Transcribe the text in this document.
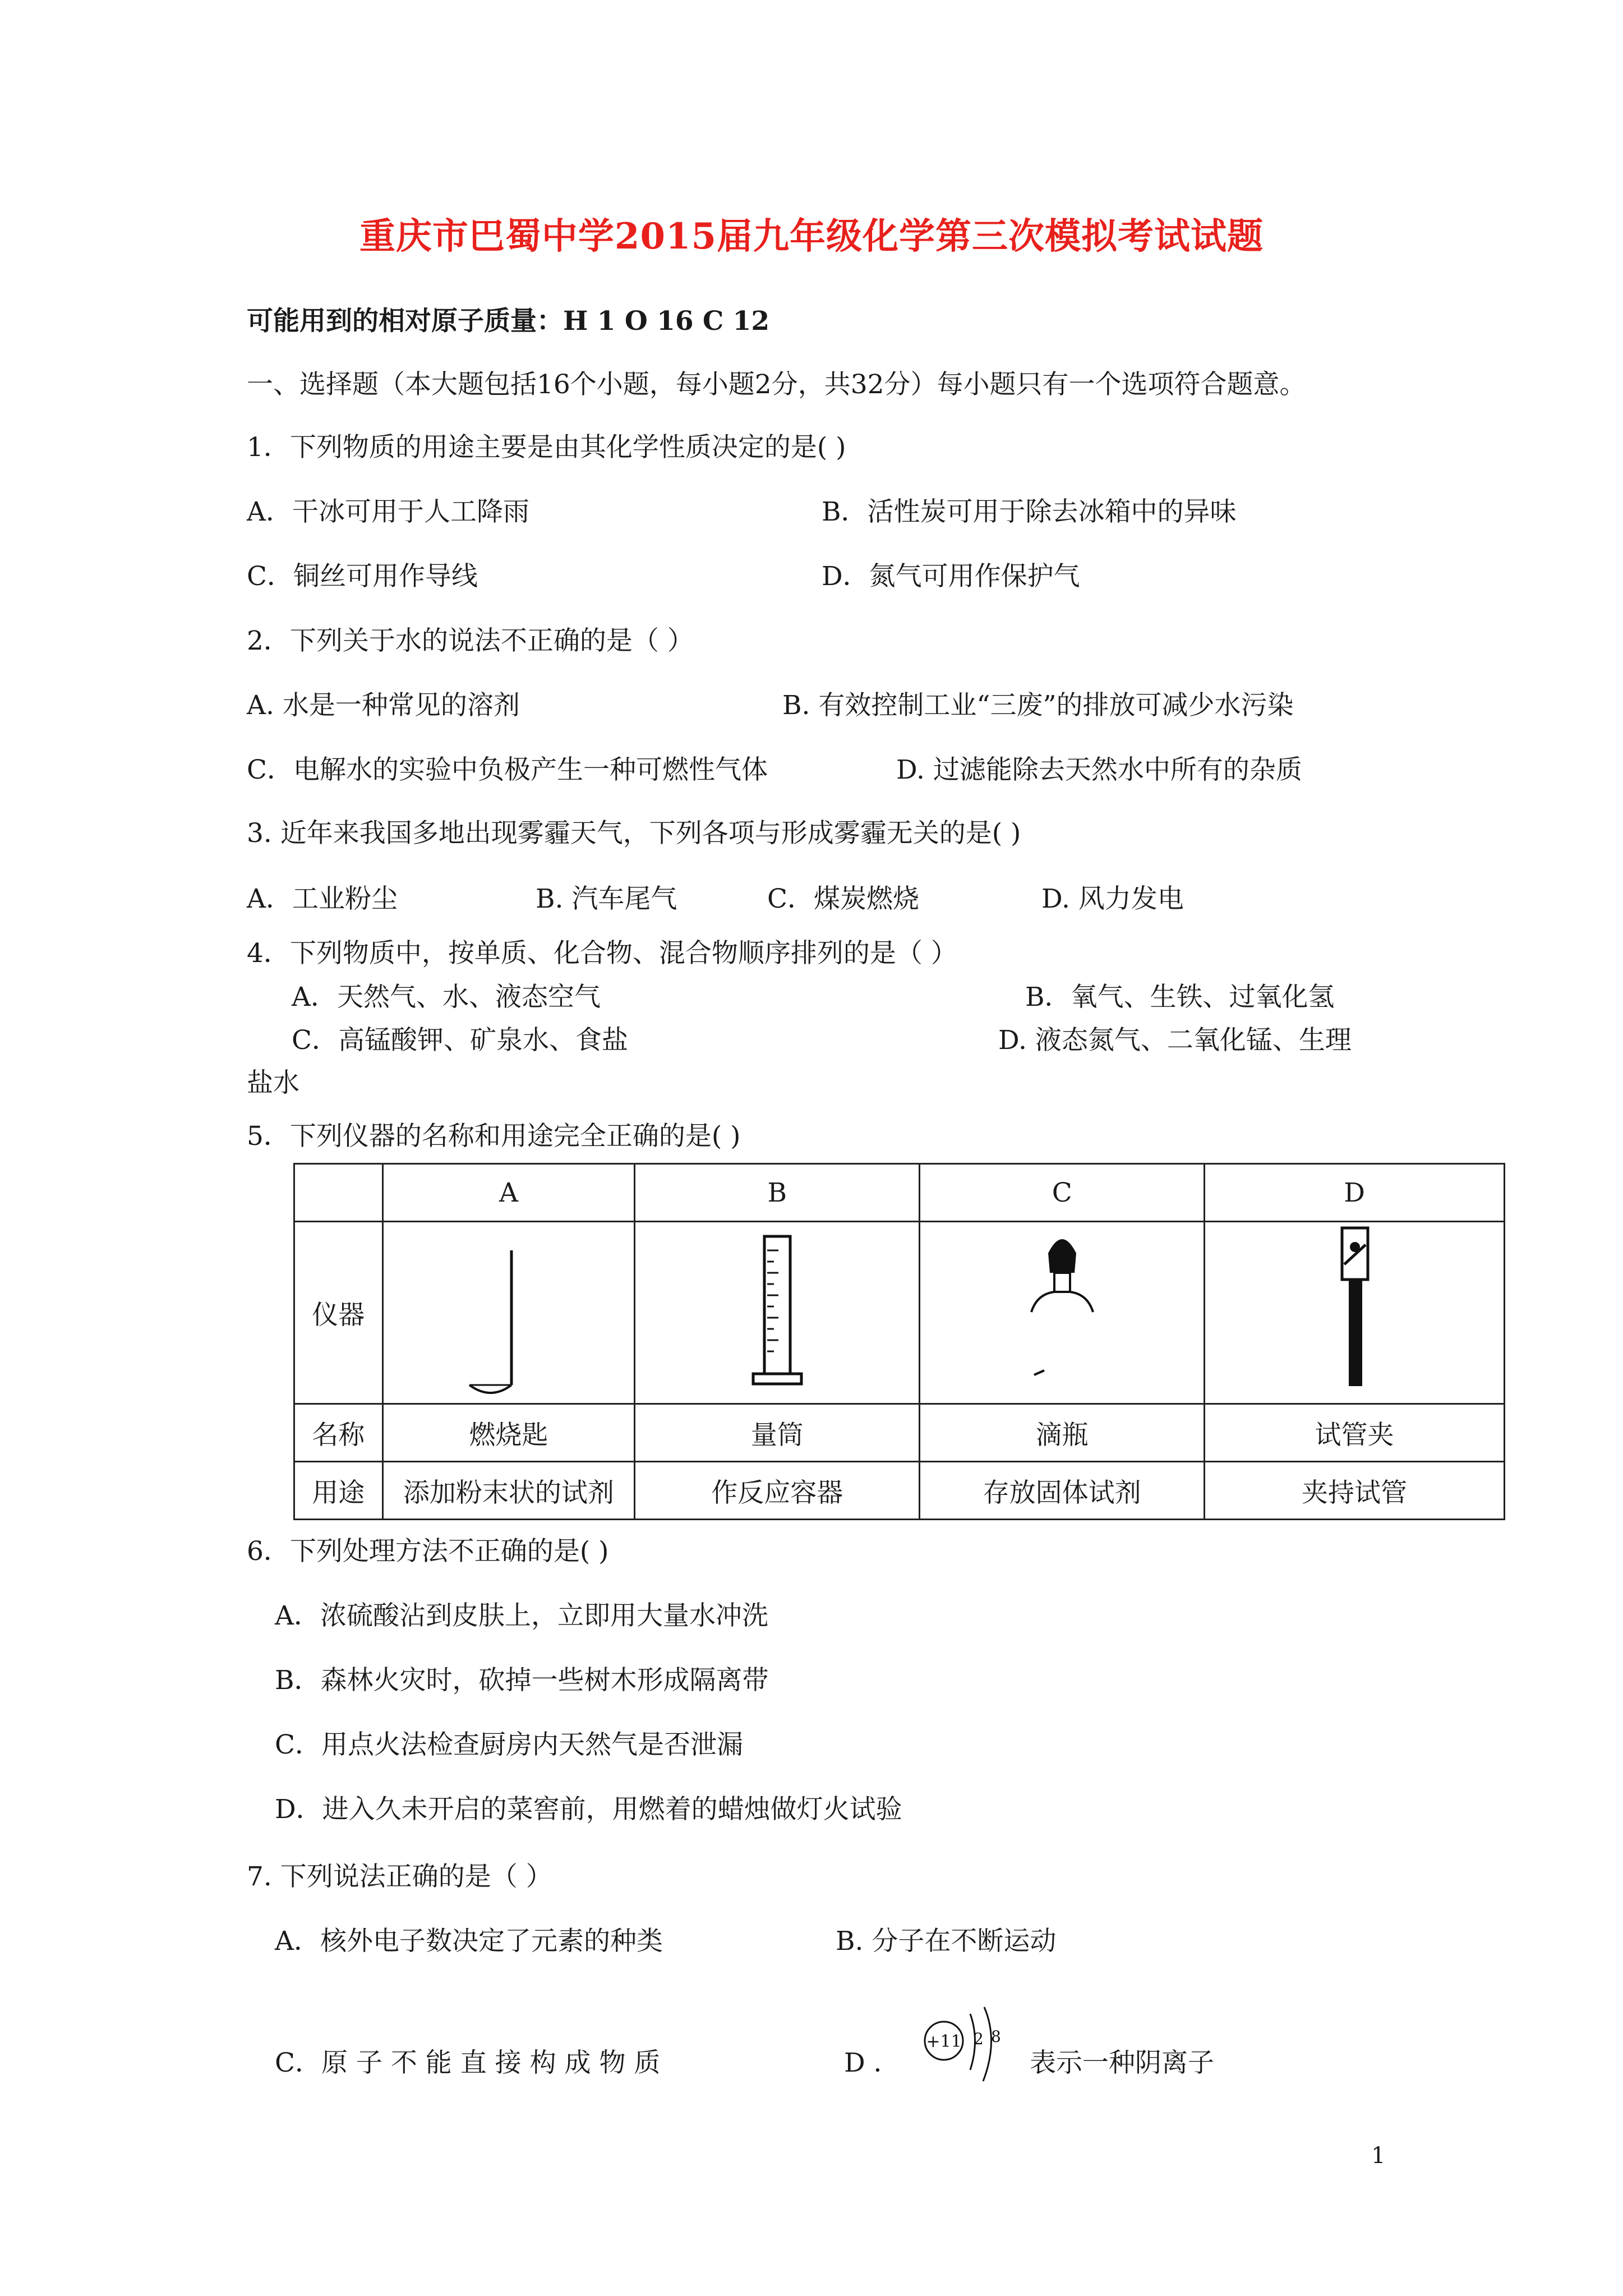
重庆市巴蜀中学2015届九年级化学第三次模拟考试试题
可能用到的相对原子质量：H 1 O 16 C 12
一、选择题（本大题包括16个小题，每小题2分，共32分）每小题只有一个选项符合题意。
1．下列物质的用途主要是由其化学性质决定的是( )
A．干冰可用于人工降雨	B．活性炭可用于除去冰箱中的异味
C．铜丝可用作导线	D．氮气可用作保护气
2．下列关于水的说法不正确的是（ ）
A. 水是一种常见的溶剂	B. 有效控制工业“三废”的排放可减少水污染
C．电解水的实验中负极产生一种可燃性气体	D. 过滤能除去天然水中所有的杂质
3. 近年来我国多地出现雾霾天气，下列各项与形成雾霾无关的是( )
A．工业粉尘	B. 汽车尾气	C．煤炭燃烧	D. 风力发电
4．下列物质中，按单质、化合物、混合物顺序排列的是（ ）
A．天然气、水、液态空气	B．氧气、生铁、过氧化氢
C．高锰酸钾、矿泉水、食盐	D. 液态氮气、二氧化锰、生理
盐水
5．下列仪器的名称和用途完全正确的是( )
	A	B	C	D
仪器				
名称	燃烧匙	量筒	滴瓶	试管夹
用途	添加粉末状的试剂	作反应容器	存放固体试剂	夹持试管
6．下列处理方法不正确的是( )
A．浓硫酸沾到皮肤上，立即用大量水冲洗
B．森林火灾时，砍掉一些树木形成隔离带
C．用点火法检查厨房内天然气是否泄漏
D．进入久未开启的菜窖前，用燃着的蜡烛做灯火试验
7. 下列说法正确的是（ ）
A．核外电子数决定了元素的种类	B. 分子在不断运动
C．原 子 不 能 直 接 构 成 物 质	D ．
+11 2 8
表示一种阴离子
1
